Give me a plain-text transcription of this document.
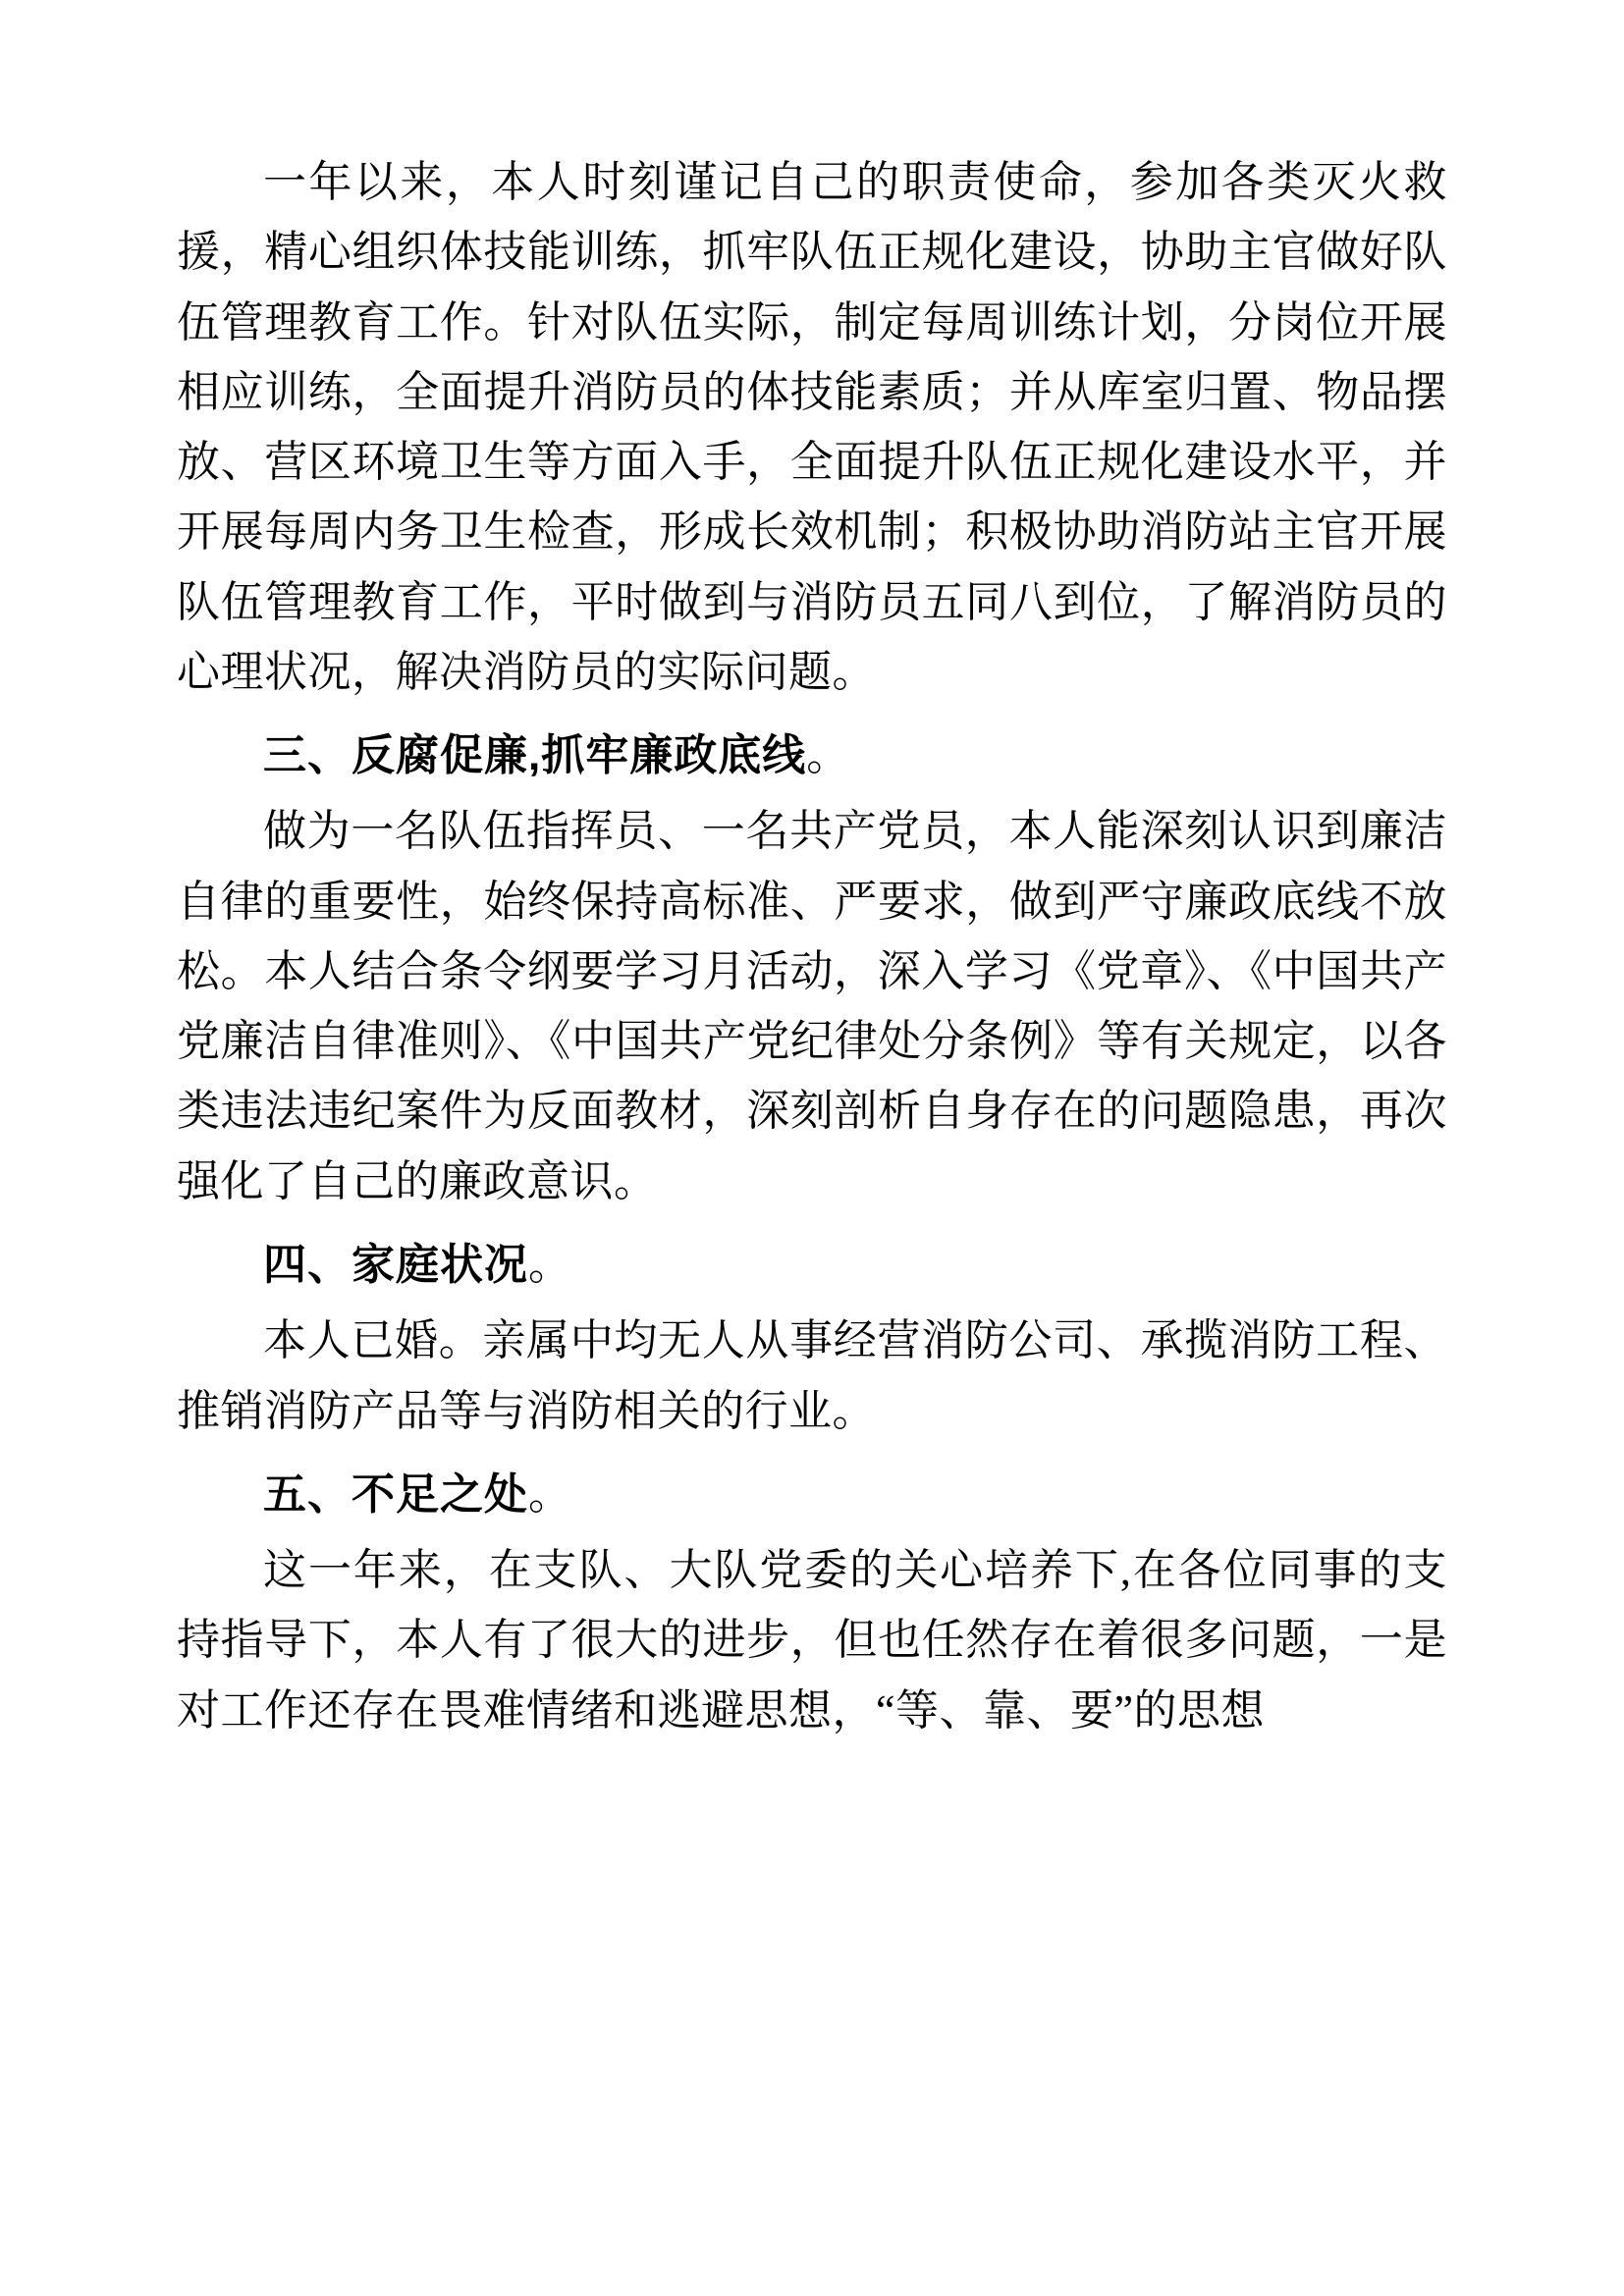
一年以来，本人时刻谨记自己的职责使命，参加各类灭火救援，精心组织体技能训练，抓牢队伍正规化建设，协助主官做好队伍管理教育工作。针对队伍实际，制定每周训练计划，分岗位开展相应训练，全面提升消防员的体技能素质；并从库室归置、物品摆放、营区环境卫生等方面入手，全面提升队伍正规化建设水平，并开展每周内务卫生检查，形成长效机制；积极协助消防站主官开展队伍管理教育工作，平时做到与消防员五同八到位，了解消防员的心理状况，解决消防员的实际问题。

三、反腐促廉,抓牢廉政底线。

做为一名队伍指挥员、一名共产党员，本人能深刻认识到廉洁自律的重要性，始终保持高标准、严要求，做到严守廉政底线不放松。本人结合条令纲要学习月活动，深入学习《党章》、《中国共产党廉洁自律准则》、《中国共产党纪律处分条例》等有关规定，以各类违法违纪案件为反面教材，深刻剖析自身存在的问题隐患，再次强化了自己的廉政意识。

四、家庭状况。

本人已婚。亲属中均无人从事经营消防公司、承揽消防工程、推销消防产品等与消防相关的行业。

五、不足之处。

这一年来，在支队、大队党委的关心培养下,在各位同事的支持指导下，本人有了很大的进步，但也任然存在着很多问题，一是对工作还存在畏难情绪和逃避思想，“等、靠、要”的思想
